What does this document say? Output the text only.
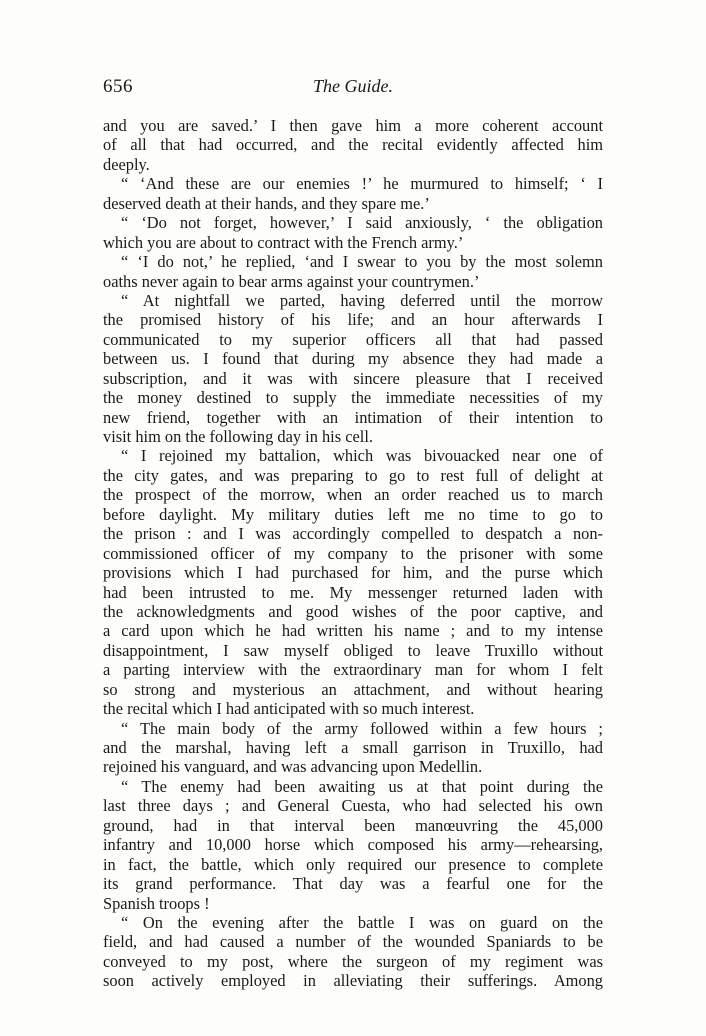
656	The Guide.
and you are saved.’ I then gave him a more coherent account
of all that had occurred, and the recital evidently affected him
deeply.
“ ‘And these are our enemies !’ he murmured to himself; ‘ I
deserved death at their hands, and they spare me.’
“ ‘Do not forget, however,’ I said anxiously, ‘ the obligation
which you are about to contract with the French army.’
“ ‘I do not,’ he replied, ‘and I swear to you by the most solemn
oaths never again to bear arms against your countrymen.’
“ At nightfall we parted, having deferred until the morrow
the promised history of his life; and an hour afterwards I
communicated to my superior officers all that had passed
between us. I found that during my absence they had made a
subscription, and it was with sincere pleasure that I received
the money destined to supply the immediate necessities of my
new friend, together with an intimation of their intention to
visit him on the following day in his cell.
“ I rejoined my battalion, which was bivouacked near one of
the city gates, and was preparing to go to rest full of delight at
the prospect of the morrow, when an order reached us to march
before daylight. My military duties left me no time to go to
the prison : and I was accordingly compelled to despatch a non-
commissioned officer of my company to the prisoner with some
provisions which I had purchased for him, and the purse which
had been intrusted to me. My messenger returned laden with
the acknowledgments and good wishes of the poor captive, and
a card upon which he had written his name ; and to my intense
disappointment, I saw myself obliged to leave Truxillo without
a parting interview with the extraordinary man for whom I felt
so strong and mysterious an attachment, and without hearing
the recital which I had anticipated with so much interest.
“ The main body of the army followed within a few hours ;
and the marshal, having left a small garrison in Truxillo, had
rejoined his vanguard, and was advancing upon Medellin.
“ The enemy had been awaiting us at that point during the
last three days ; and General Cuesta, who had selected his own
ground, had in that interval been manœuvring the 45,000
infantry and 10,000 horse which composed his army—rehearsing,
in fact, the battle, which only required our presence to complete
its grand performance. That day was a fearful one for the
Spanish troops !
“ On the evening after the battle I was on guard on the
field, and had caused a number of the wounded Spaniards to be
conveyed to my post, where the surgeon of my regiment was
soon actively employed in alleviating their sufferings. Among
